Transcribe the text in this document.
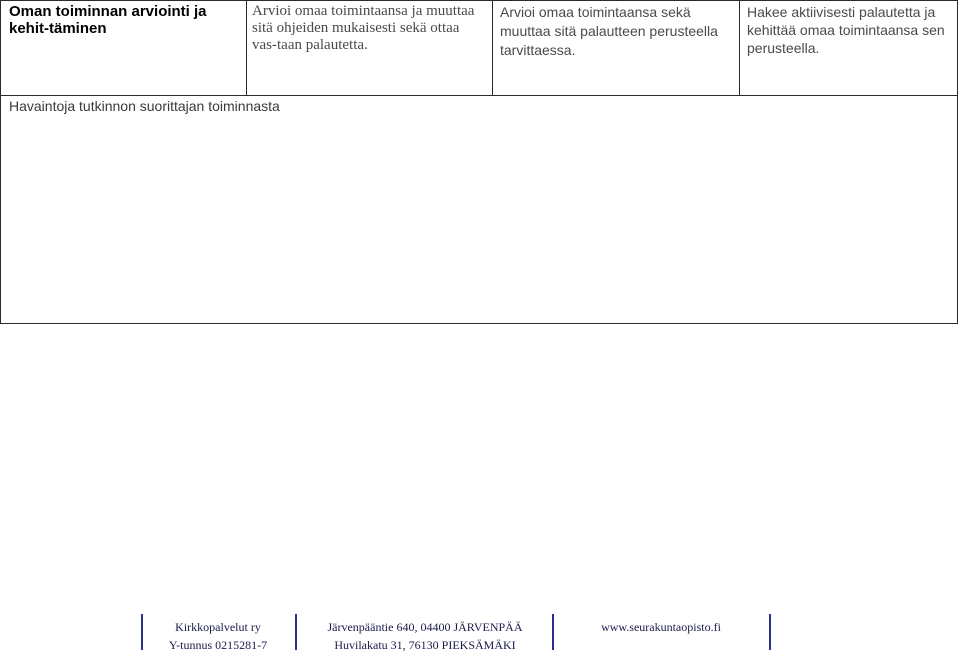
Oman toiminnan arviointi ja kehit-täminen	Arvioi omaa toimintaansa ja muuttaa sitä ohjeiden mukaisesti sekä ottaa vas-taan palautetta.	Arvioi omaa toimintaansa sekä muuttaa sitä palautteen perusteella tarvittaessa.	Hakee aktiivisesti palautetta ja kehittää omaa toimintaansa sen perusteella.
Havaintoja tutkinnon suorittajan toiminnasta
Kirkkopalvelut ry
Y-tunnus 0215281-7
Järvenpääntie 640, 04400 JÄRVENPÄÄ
Huvilakatu 31, 76130 PIEKSÄMÄKI
www.seurakuntaopisto.fi
